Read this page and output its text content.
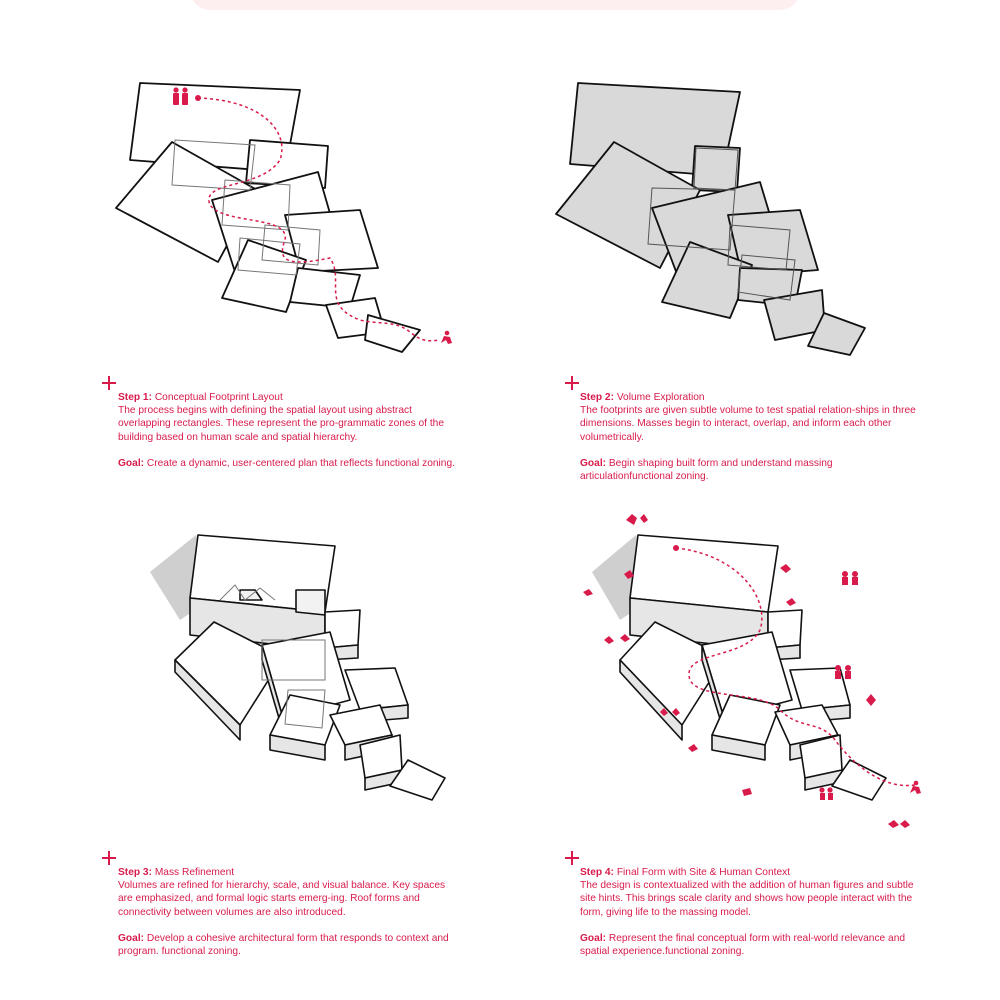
Step 1: Conceptual Footprint Layout
The process begins with defining the spatial layout using abstract overlapping rectangles. These represent the pro-grammatic zones of the building based on human scale and spatial hierarchy.
Goal: Create a dynamic, user-centered plan that reflects functional zoning.
Step 2: Volume Exploration
The footprints are given subtle volume to test spatial relation-ships in three dimensions. Masses begin to interact, overlap, and inform each other volumetrically.
Goal: Begin shaping built form and understand massing articulationfunctional zoning.
Step 3: Mass Refinement
Volumes are refined for hierarchy, scale, and visual balance. Key spaces are emphasized, and formal logic starts emerg-ing. Roof forms and connectivity between volumes are also introduced.
Goal: Develop a cohesive architectural form that responds to context and program. functional zoning.
Step 4: Final Form with Site & Human Context
The design is contextualized with the addition of human figures and subtle site hints. This brings scale clarity and shows how people interact with the form, giving life to the massing model.
Goal: Represent the final conceptual form with real-world relevance and spatial experience.functional zoning.
